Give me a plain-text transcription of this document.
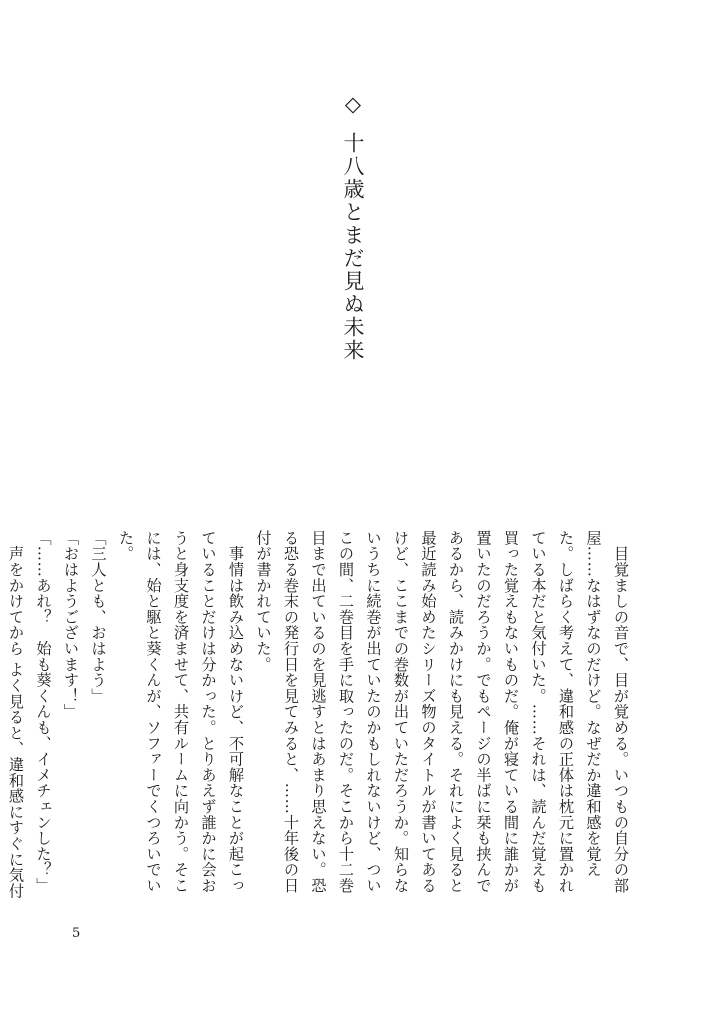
◇十八歳とまだ見ぬ未来

　目覚ましの音で、目が覚める。いつもの自分の部屋……なはずなのだけど。なぜだか違和感を覚えた。しばらく考えて、違和感の正体は枕元に置かれている本だと気付いた。……それは、読んだ覚えも買った覚えもないものだ。俺が寝ている間に誰かが置いたのだろうか。でもページの半ばに栞も挟んであるから、読みかけにも見える。それによく見ると最近読み始めたシリーズ物のタイトルが書いてあるけど、ここまでの巻数が出ていただろうか。知らないうちに続巻が出ていたのかもしれないけど、ついこの間、二巻目を手に取ったのだ。そこから十二巻目まで出ているのを見逃すとはあまり思えない。恐る恐る巻末の発行日を見てみると、……十年後の日付が書かれていた。

　事情は飲み込めないけど、不可解なことが起こっていることだけは分かった。とりあえず誰かに会おうと身支度を済ませて、共有ルームに向かう。そこには、始と駆と葵くんが、ソファーでくつろいでいた。

「三人とも、おはよう」

「おはようございます！」

「……あれ？　始も葵くんも、イメチェンした？」

　声をかけてから よく見ると、違和感にすぐに気付

5
